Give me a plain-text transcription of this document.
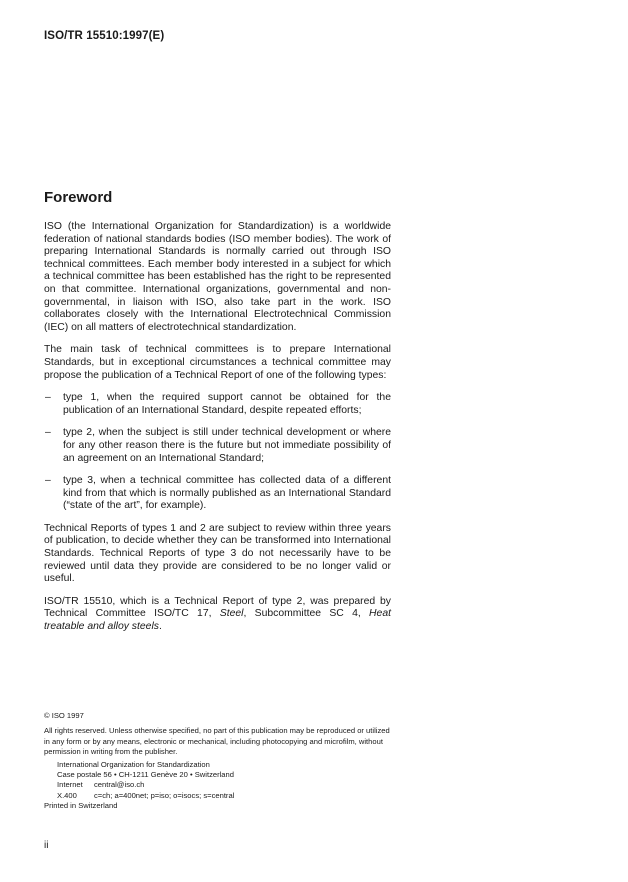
ISO/TR 15510:1997(E)
Foreword

ISO (the International Organization for Standardization) is a worldwide federation of national standards bodies (ISO member bodies). The work of preparing International Standards is normally carried out through ISO technical committees. Each member body interested in a subject for which a technical committee has been established has the right to be represented on that committee. International organizations, governmental and non-governmental, in liaison with ISO, also take part in the work. ISO collaborates closely with the International Electrotechnical Commission (IEC) on all matters of electrotechnical standardization.

The main task of technical committees is to prepare International Standards, but in exceptional circumstances a technical committee may propose the publication of a Technical Report of one of the following types:

– type 1, when the required support cannot be obtained for the publication of an International Standard, despite repeated efforts;
– type 2, when the subject is still under technical development or where for any other reason there is the future but not immediate possibility of an agreement on an International Standard;
– type 3, when a technical committee has collected data of a different kind from that which is normally published as an International Standard (“state of the art”, for example).

Technical Reports of types 1 and 2 are subject to review within three years of publication, to decide whether they can be transformed into International Standards. Technical Reports of type 3 do not necessarily have to be reviewed until data they provide are considered to be no longer valid or useful.

ISO/TR 15510, which is a Technical Report of type 2, was prepared by Technical Committee ISO/TC 17, Steel, Subcommittee SC 4, Heat treatable and alloy steels.

© ISO 1997
All rights reserved. Unless otherwise specified, no part of this publication may be reproduced or utilized in any form or by any means, electronic or mechanical, including photocopying and microfilm, without permission in writing from the publisher.
International Organization for Standardization
Case postale 56 • CH-1211 Genève 20 • Switzerland
Internet central@iso.ch
X.400 c=ch; a=400net; p=iso; o=isocs; s=central
Printed in Switzerland
ii
